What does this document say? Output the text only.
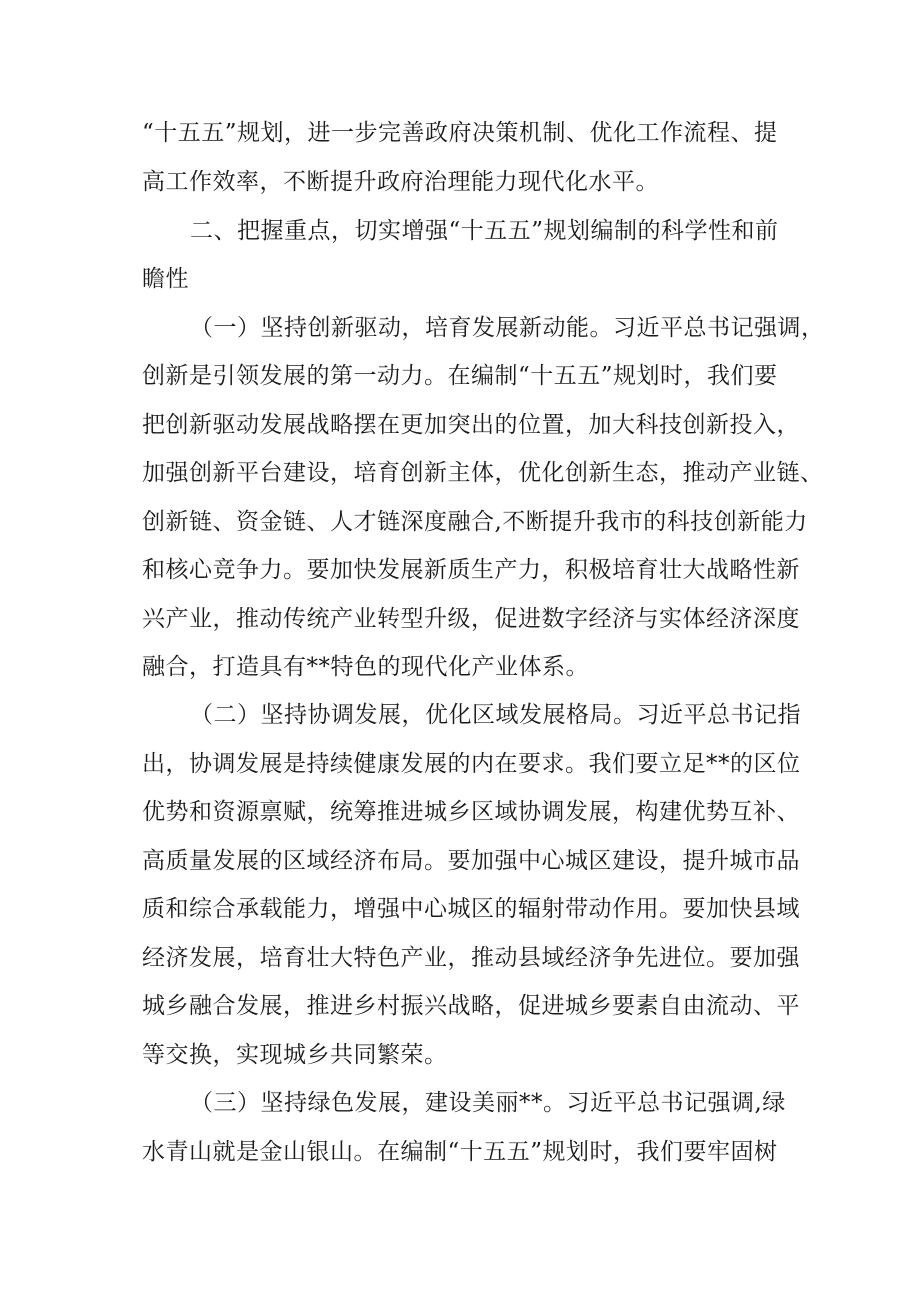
“十五五”规划，进一步完善政府决策机制、优化工作流程、提
高工作效率，不断提升政府治理能力现代化水平。
二、把握重点，切实增强“十五五”规划编制的科学性和前
瞻性
（一）坚持创新驱动，培育发展新动能。习近平总书记强调，
创新是引领发展的第一动力。在编制“十五五”规划时，我们要
把创新驱动发展战略摆在更加突出的位置，加大科技创新投入，
加强创新平台建设，培育创新主体，优化创新生态，推动产业链、
创新链、资金链、人才链深度融合,不断提升我市的科技创新能力
和核心竞争力。要加快发展新质生产力，积极培育壮大战略性新
兴产业，推动传统产业转型升级，促进数字经济与实体经济深度
融合，打造具有**特色的现代化产业体系。
（二）坚持协调发展，优化区域发展格局。习近平总书记指
出，协调发展是持续健康发展的内在要求。我们要立足**的区位
优势和资源禀赋，统筹推进城乡区域协调发展，构建优势互补、
高质量发展的区域经济布局。要加强中心城区建设，提升城市品
质和综合承载能力，增强中心城区的辐射带动作用。要加快县域
经济发展，培育壮大特色产业，推动县域经济争先进位。要加强
城乡融合发展，推进乡村振兴战略，促进城乡要素自由流动、平
等交换，实现城乡共同繁荣。
（三）坚持绿色发展，建设美丽**。习近平总书记强调,绿
水青山就是金山银山。在编制“十五五”规划时，我们要牢固树
